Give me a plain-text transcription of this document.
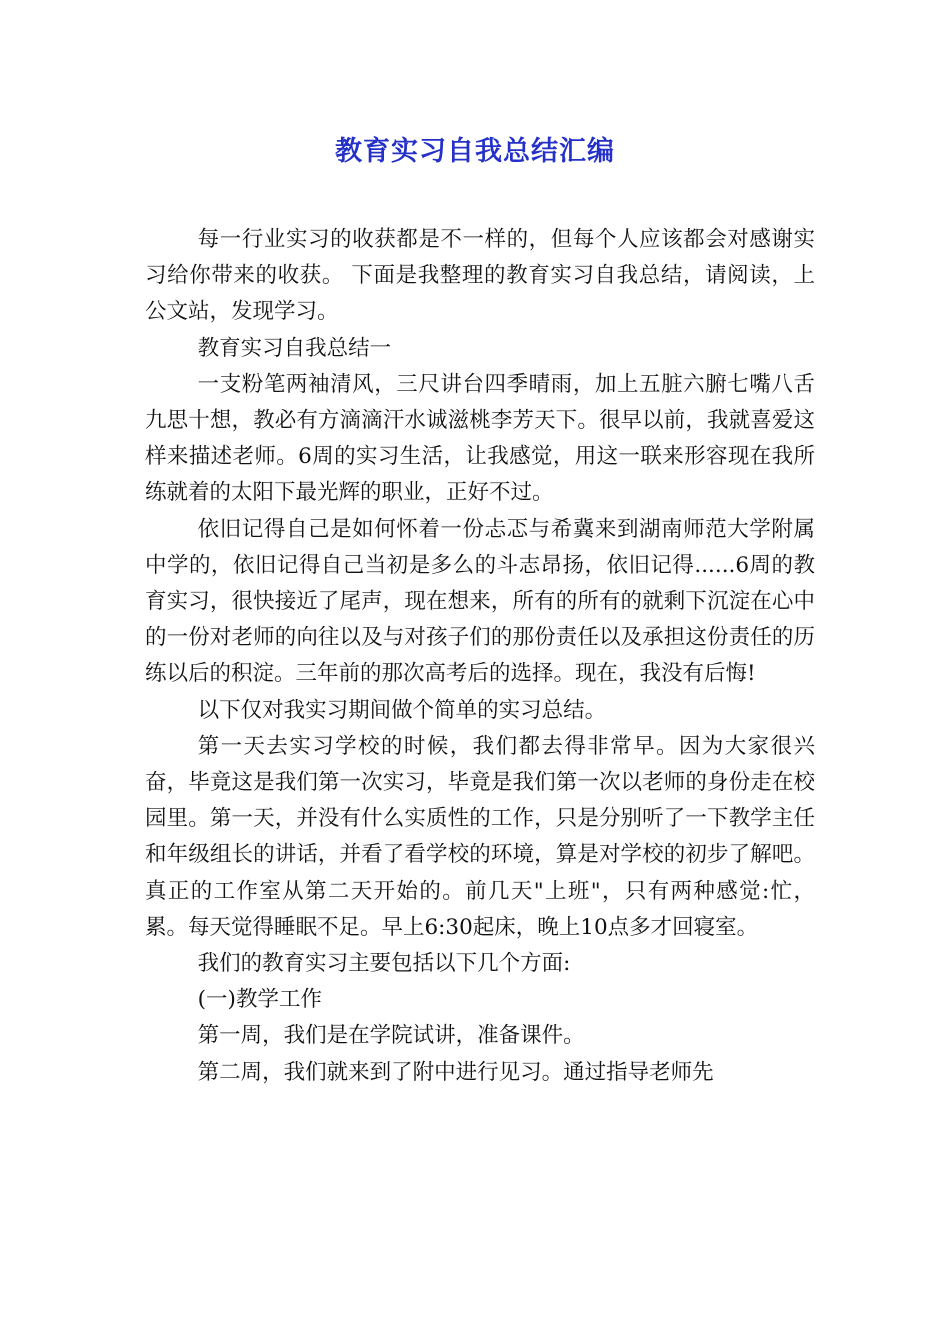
教育实习自我总结汇编

每一行业实习的收获都是不一样的，但每个人应该都会对感谢实习给你带来的收获。 下面是我整理的教育实习自我总结，请阅读，上公文站，发现学习。

教育实习自我总结一

一支粉笔两袖清风，三尺讲台四季晴雨，加上五脏六腑七嘴八舌九思十想，教必有方滴滴汗水诚滋桃李芳天下。很早以前，我就喜爱这样来描述老师。6周的实习生活，让我感觉，用这一联来形容现在我所练就着的太阳下最光辉的职业，正好不过。

依旧记得自己是如何怀着一份忐忑与希冀来到湖南师范大学附属中学的，依旧记得自己当初是多么的斗志昂扬，依旧记得......6周的教育实习，很快接近了尾声，现在想来，所有的所有的就剩下沉淀在心中的一份对老师的向往以及与对孩子们的那份责任以及承担这份责任的历练以后的积淀。三年前的那次高考后的选择。现在，我没有后悔!

以下仅对我实习期间做个简单的实习总结。

第一天去实习学校的时候，我们都去得非常早。因为大家很兴奋，毕竟这是我们第一次实习，毕竟是我们第一次以老师的身份走在校园里。第一天，并没有什么实质性的工作，只是分别听了一下教学主任和年级组长的讲话，并看了看学校的环境，算是对学校的初步了解吧。真正的工作室从第二天开始的。前几天"上班"，只有两种感觉:忙，累。每天觉得睡眠不足。早上6:30起床，晚上10点多才回寝室。

我们的教育实习主要包括以下几个方面:

(一)教学工作

第一周，我们是在学院试讲，准备课件。

第二周，我们就来到了附中进行见习。通过指导老师先
